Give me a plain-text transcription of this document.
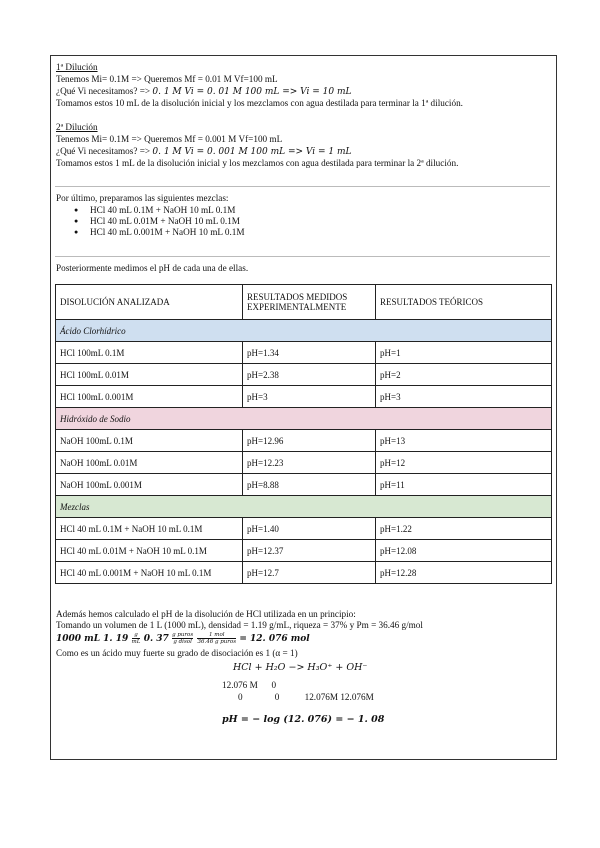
1ª Dilución
Tenemos Mi= 0.1M => Queremos Mf = 0.01 M Vf=100 mL
¿Qué Vi necesitamos? => 0. 1 M Vi = 0. 01 M 100 mL => Vi = 10 mL
Tomamos estos 10 mL de la disolución inicial y los mezclamos con agua destilada para terminar la 1ª dilución.
2ª Dilución
Tenemos Mi= 0.1M => Queremos Mf = 0.001 M Vf=100 mL
¿Qué Vi necesitamos? => 0. 1 M Vi = 0. 001 M 100 mL => Vi = 1 mL
Tomamos estos 1 mL de la disolución inicial y los mezclamos con agua destilada para terminar la 2ª dilución.
Por último, preparamos las siguientes mezclas:
● HCl 40 mL 0.1M + NaOH 10 mL 0.1M
● HCl 40 mL 0.01M + NaOH 10 mL 0.1M
● HCl 40 mL 0.001M + NaOH 10 mL 0.1M
Posteriormente medimos el pH de cada una de ellas.
DISOLUCIÓN ANALIZADA	RESULTADOS MEDIDOS EXPERIMENTALMENTE	RESULTADOS TEÓRICOS
Ácido Clorhídrico		
HCl 100mL 0.1M	pH=1.34	pH=1
HCl 100mL 0.01M	pH=2.38	pH=2
HCl 100mL 0.001M	pH=3	pH=3
Hidróxido de Sodio		
NaOH 100mL 0.1M	pH=12.96	pH=13
NaOH 100mL 0.01M	pH=12.23	pH=12
NaOH 100mL 0.001M	pH=8.88	pH=11
Mezclas		
HCl 40 mL 0.1M + NaOH 10 mL 0.1M	pH=1.40	pH=1.22
HCl 40 mL 0.01M + NaOH 10 mL 0.1M	pH=12.37	pH=12.08
HCl 40 mL 0.001M + NaOH 10 mL 0.1M	pH=12.7	pH=12.28
Además hemos calculado el pH de la disolución de HCl utilizada en un principio:
Tomando un volumen de 1 L (1000 mL), densidad = 1.19 g/mL, riqueza = 37% y Pm = 36.46 g/mol
1000 mL 1. $19 \frac{g}{mL} 0$. $37 \frac{\text{g puros}}{\text{g disol}}$
$\frac{\text{1 mol}}{\text{36.46 g puros}} = 12$. 076 mol
Como es un ácido muy fuerte su grado de disociación es 1 (α = 1)
HCl + H₂O −> H₃O⁺ + OH⁻
12.076 M      0
0              0           12.076M 12.076M
pH = − log (12. 076) = − 1. 08
